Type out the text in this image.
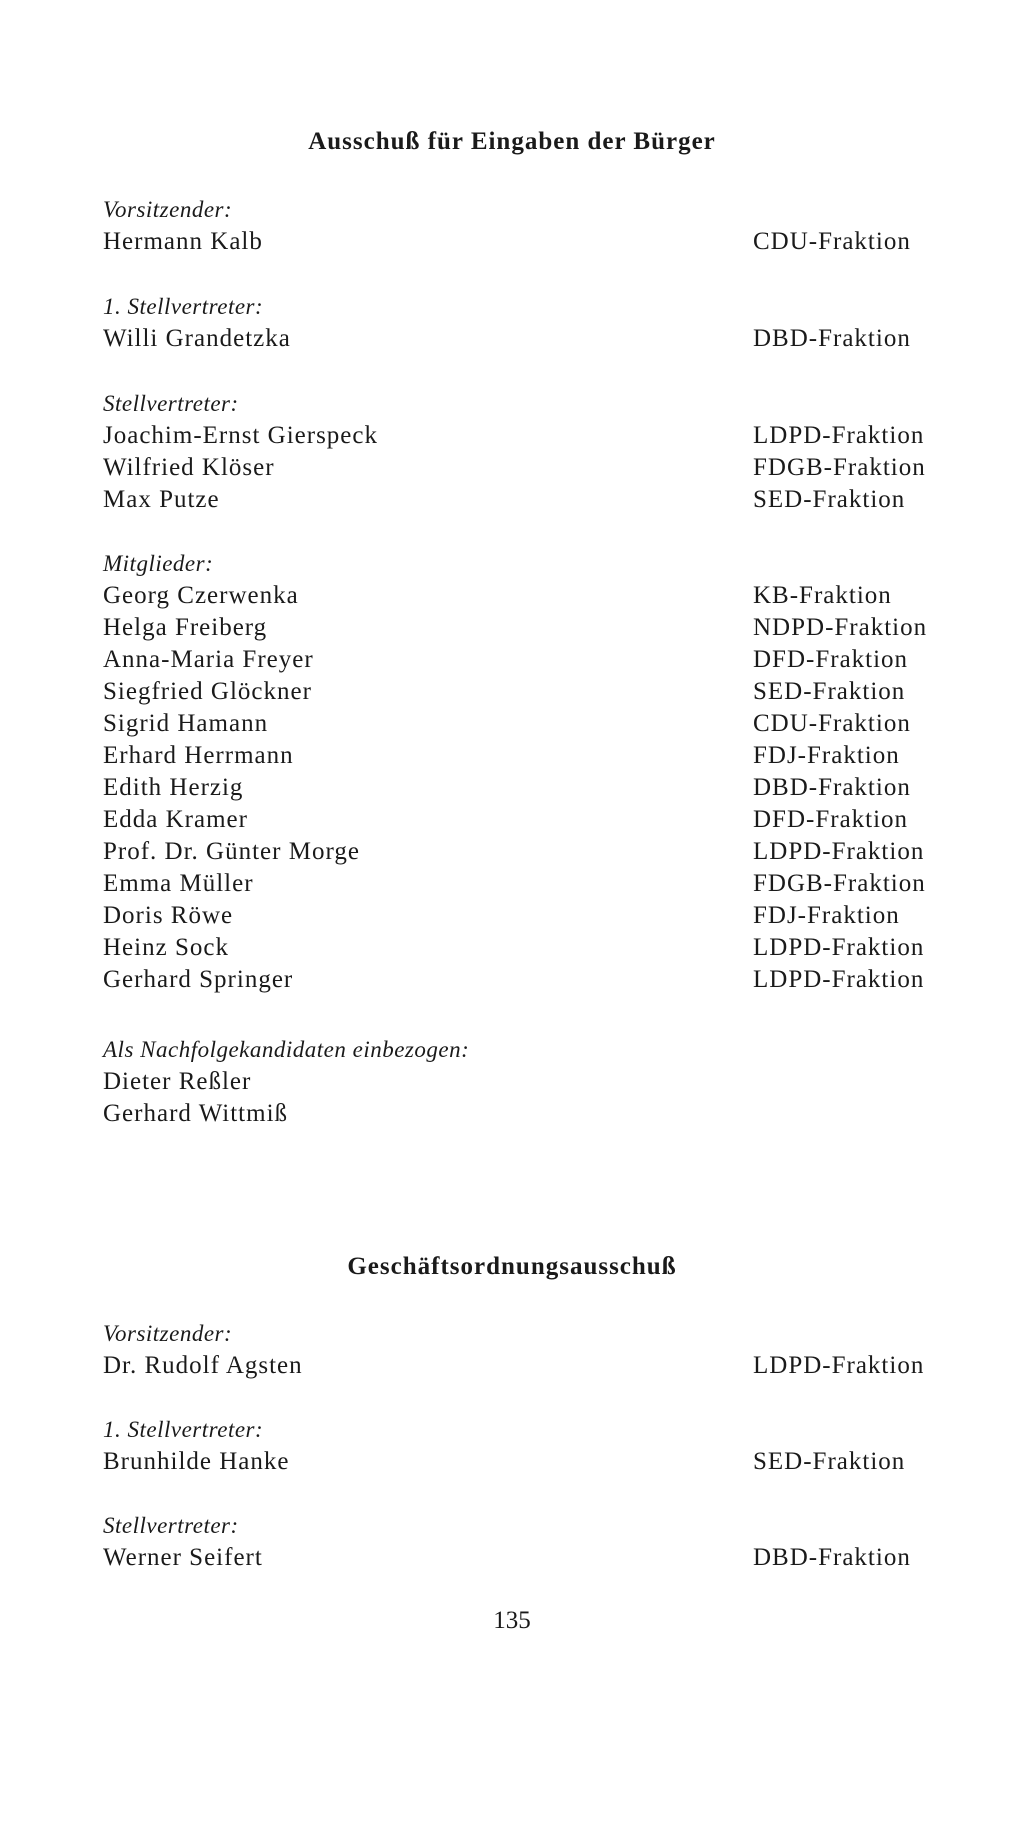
Ausschuß für Eingaben der Bürger
Vorsitzender:
Hermann Kalb	CDU-Fraktion
1. Stellvertreter:
Willi Grandetzka	DBD-Fraktion
Stellvertreter:
Joachim-Ernst Gierspeck	LDPD-Fraktion
Wilfried Klöser	FDGB-Fraktion
Max Putze	SED-Fraktion
Mitglieder:
Georg Czerwenka	KB-Fraktion
Helga Freiberg	NDPD-Fraktion
Anna-Maria Freyer	DFD-Fraktion
Siegfried Glöckner	SED-Fraktion
Sigrid Hamann	CDU-Fraktion
Erhard Herrmann	FDJ-Fraktion
Edith Herzig	DBD-Fraktion
Edda Kramer	DFD-Fraktion
Prof. Dr. Günter Morge	LDPD-Fraktion
Emma Müller	FDGB-Fraktion
Doris Röwe	FDJ-Fraktion
Heinz Sock	LDPD-Fraktion
Gerhard Springer	LDPD-Fraktion
Als Nachfolgekandidaten einbezogen:
Dieter Reßler
Gerhard Wittmiß
Geschäftsordnungsausschuß
Vorsitzender:
Dr. Rudolf Agsten	LDPD-Fraktion
1. Stellvertreter:
Brunhilde Hanke	SED-Fraktion
Stellvertreter:
Werner Seifert	DBD-Fraktion
135
